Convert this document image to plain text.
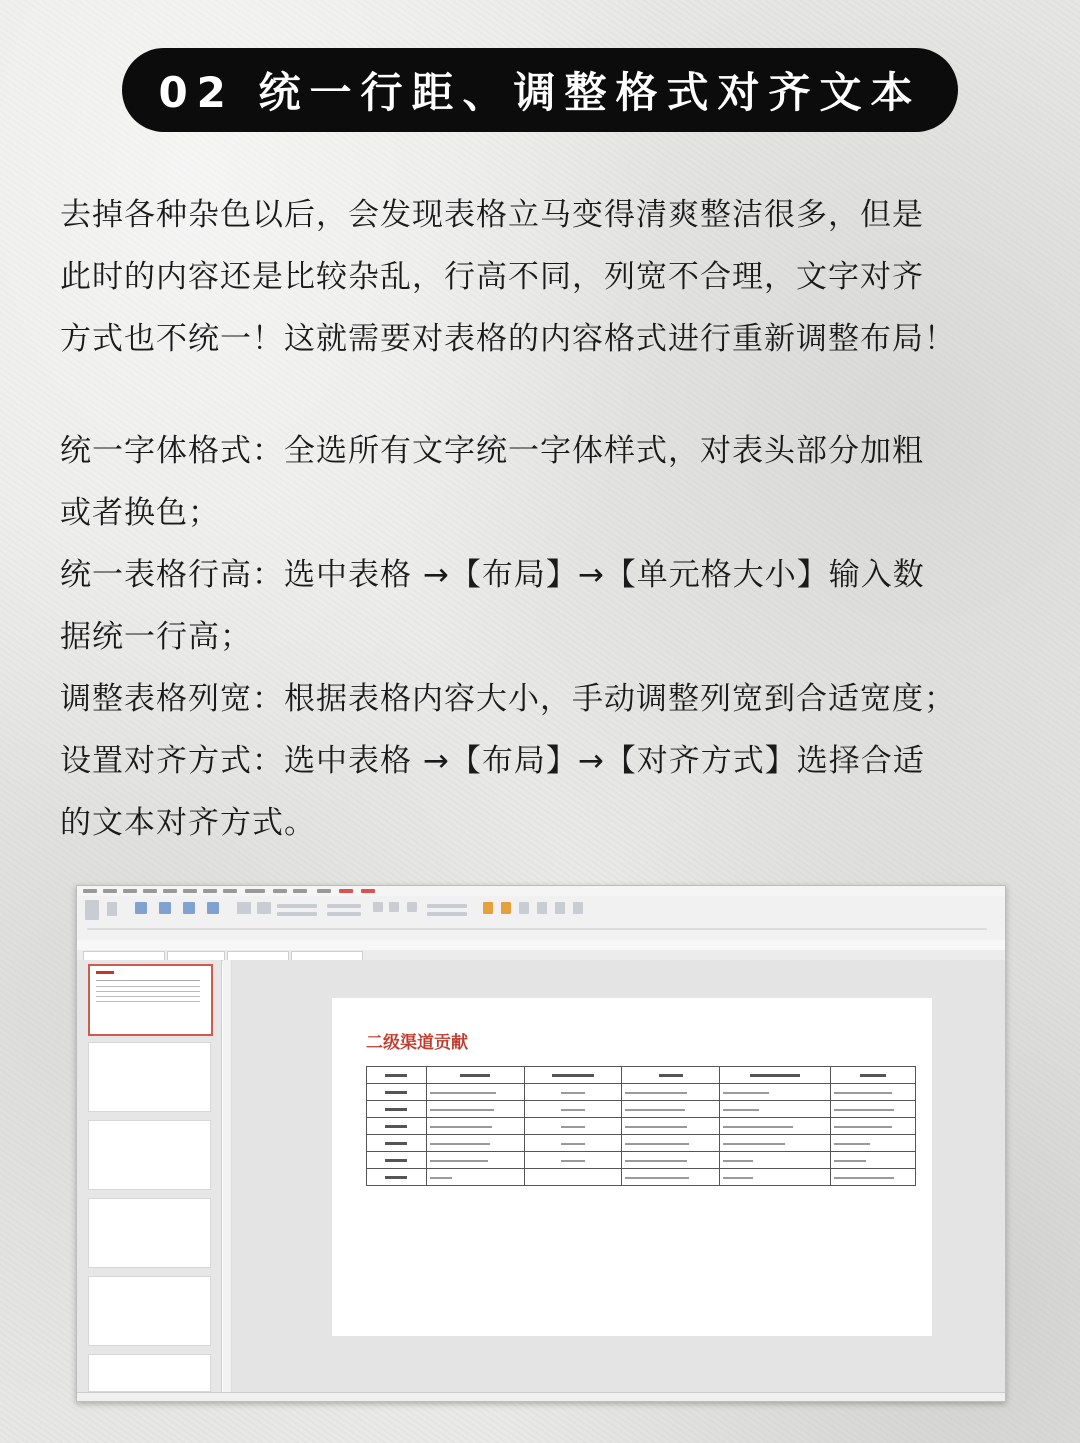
02 统一行距、调整格式对齐文本

去掉各种杂色以后，会发现表格立马变得清爽整洁很多，但是

此时的内容还是比较杂乱，行高不同，列宽不合理，文字对齐

方式也不统一！这就需要对表格的内容格式进行重新调整布局！

统一字体格式：全选所有文字统一字体样式，对表头部分加粗

或者换色；

统一表格行高：选中表格 →【布局】→【单元格大小】输入数

据统一行高；

调整表格列宽：根据表格内容大小，手动调整列宽到合适宽度；

设置对齐方式：选中表格 →【布局】→【对齐方式】选择合适

的文本对齐方式。

二级渠道贡献
